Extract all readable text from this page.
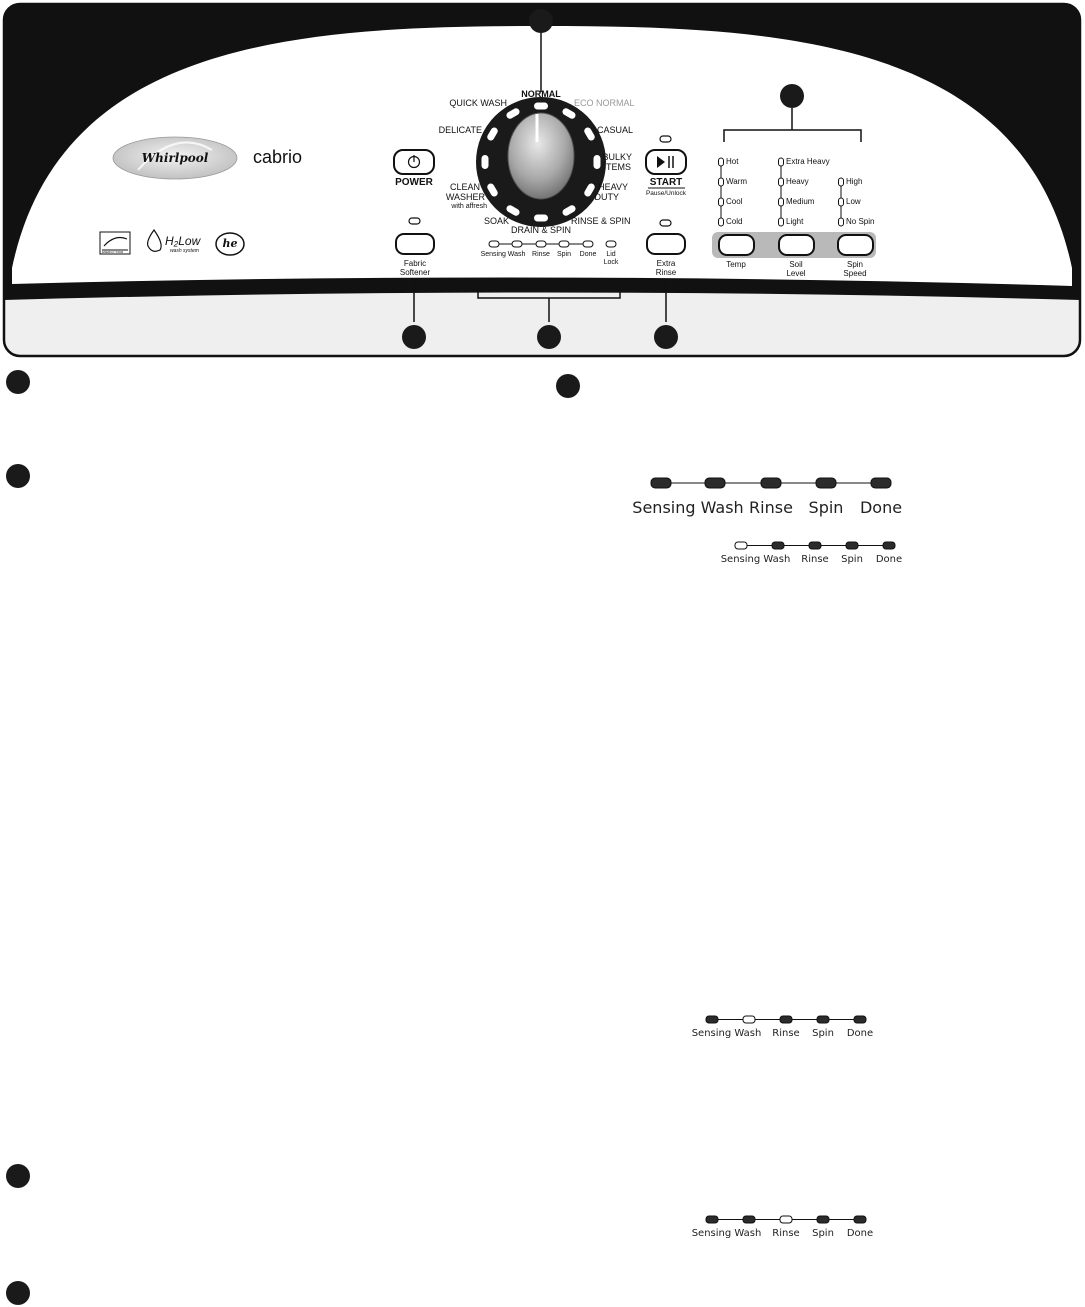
Whirlpool cabrio
ENERGY STAR
H₂Low
wash system
he
POWER
Fabric
Softener
START
Pause/Unlock
Extra
Rinse
NORMAL
QUICK WASH	ECO NORMAL
DELICATE	CASUAL
BULKY
ITEMS
CLEAN
WASHER
with affresh
HEAVY
DUTY
SOAK	RINSE & SPIN
DRAIN & SPIN
Sensing Wash Rinse Spin Done	Lid
Lock
Hot
Warm
Cool
Cold
Extra Heavy
Heavy
Medium
Light
High
Low
No Spin
Temp	Soil
Level
Spin
Speed
Sensing Wash Rinse Spin Done
Sensing Wash Rinse Spin Done
Sensing Wash Rinse Spin Done
Sensing Wash Rinse Spin Done
